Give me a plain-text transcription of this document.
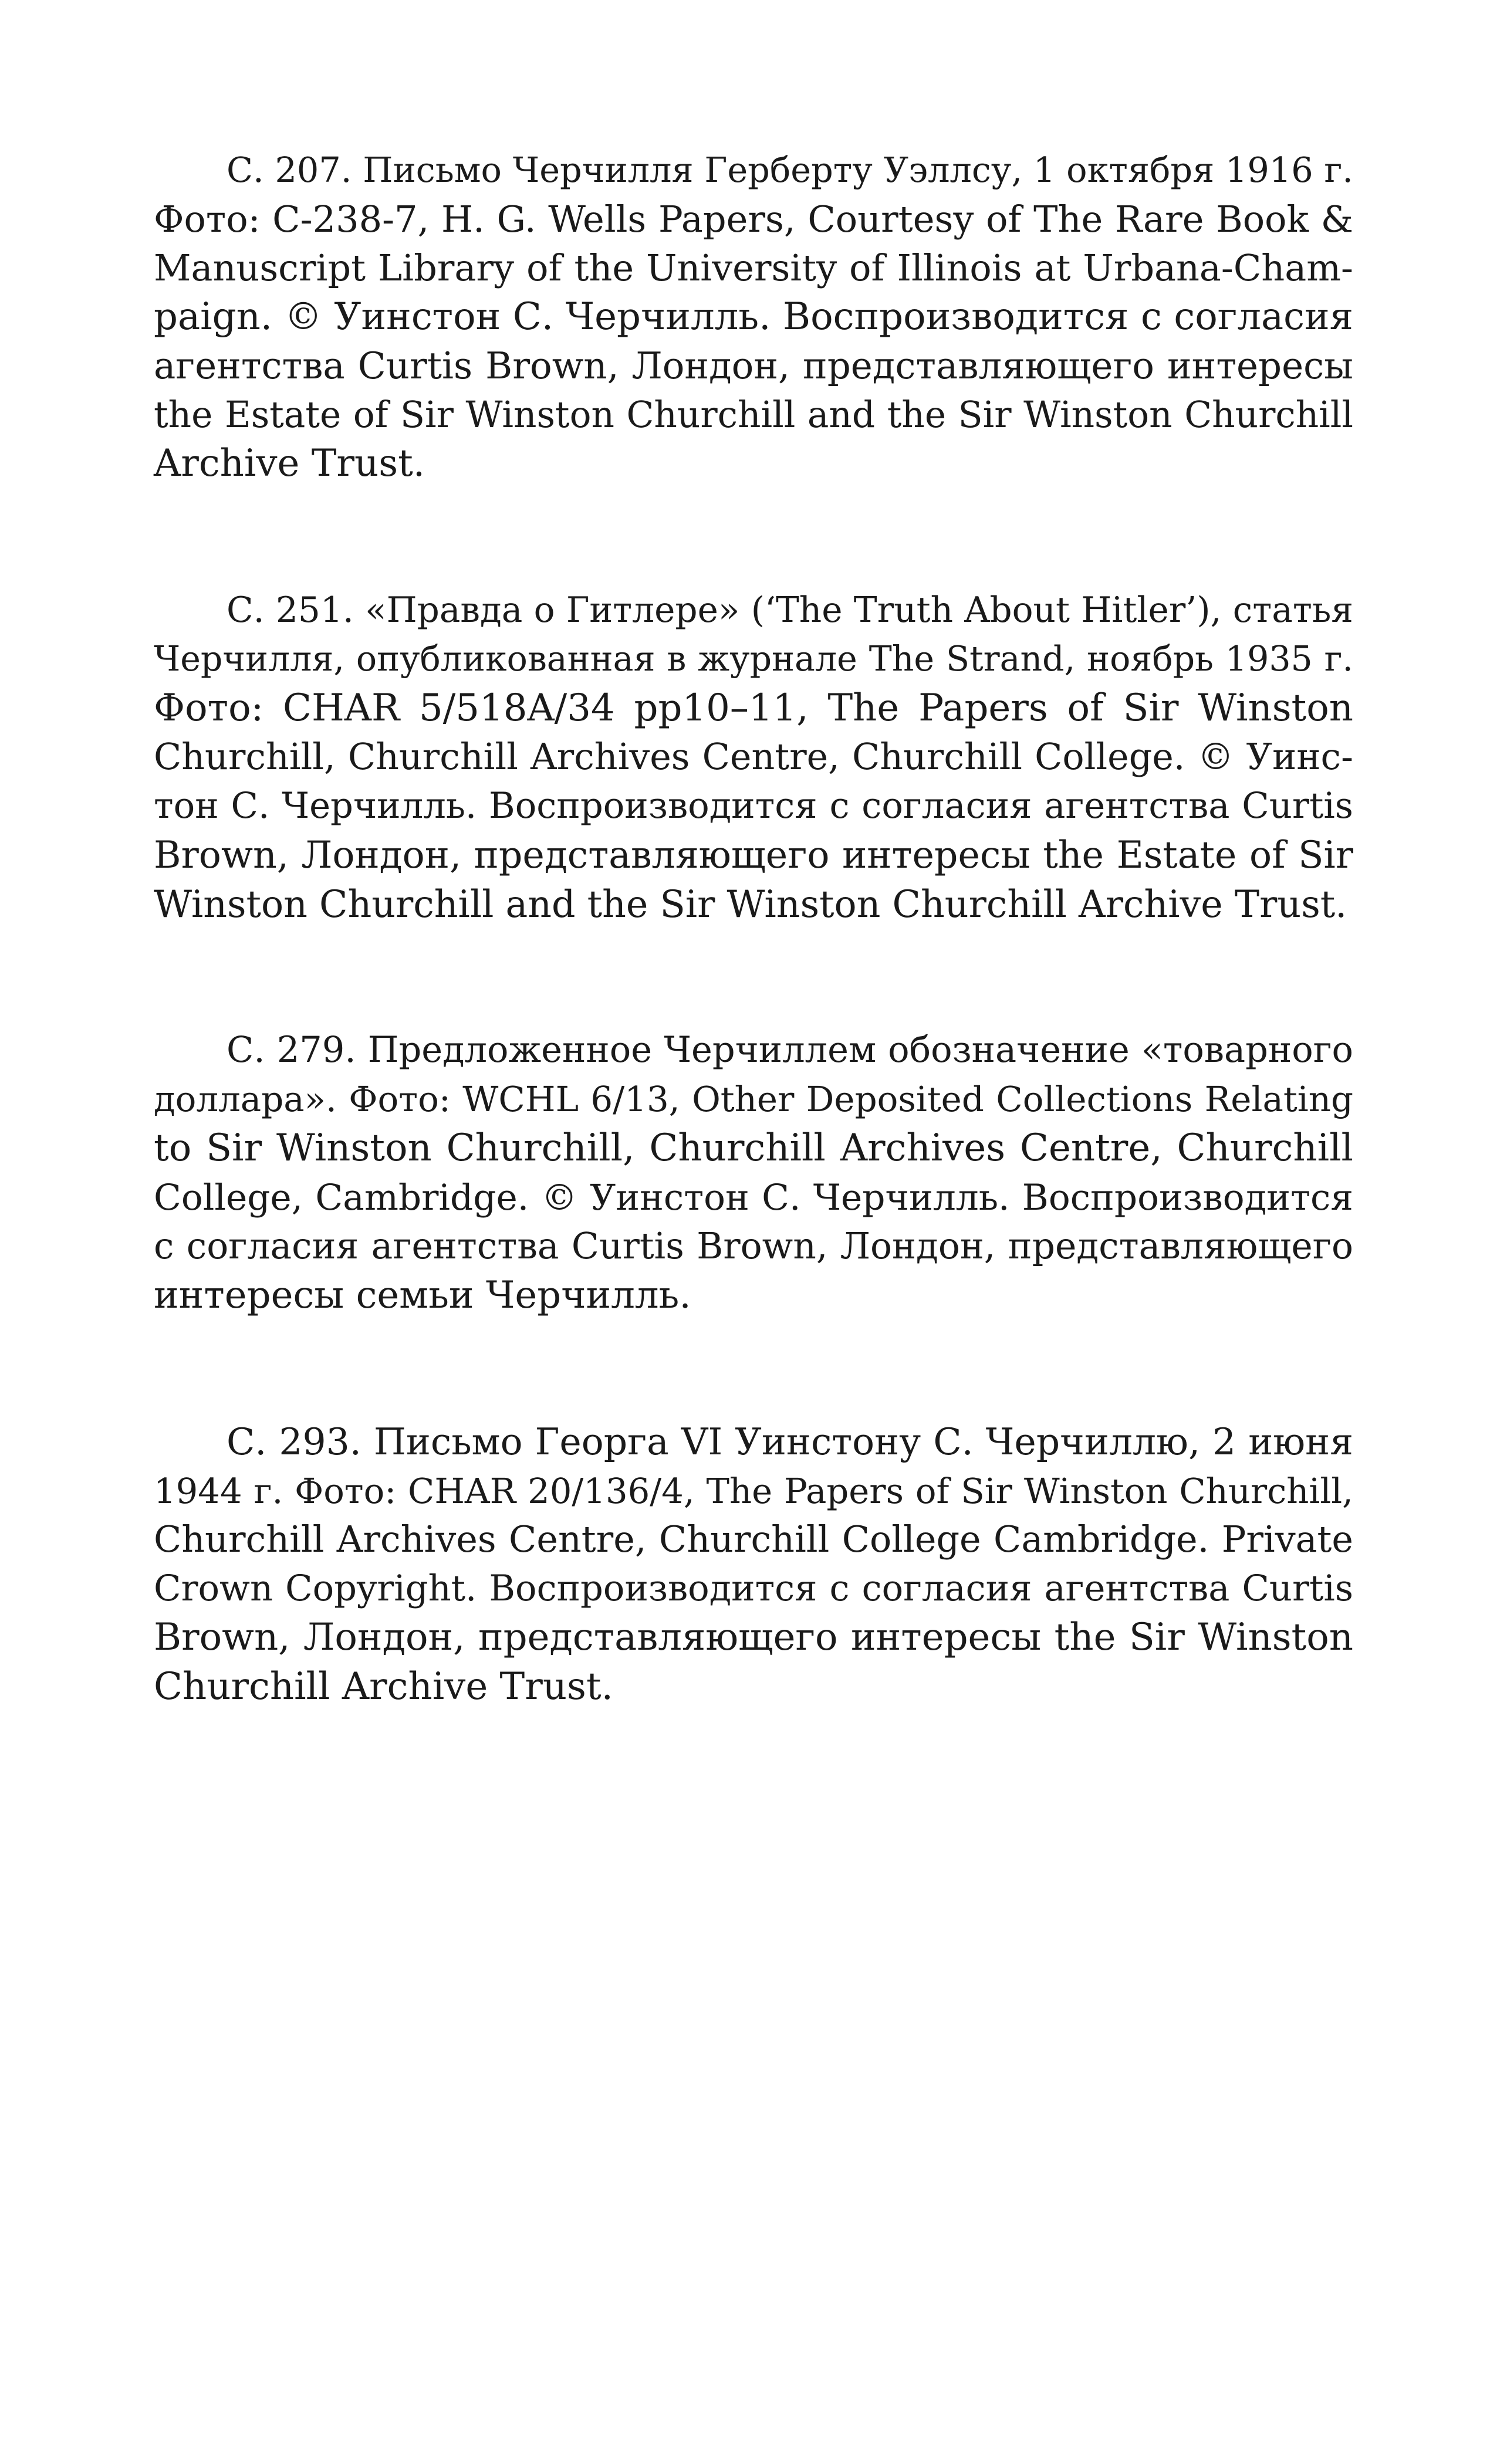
С. 207. Письмо Черчилля Герберту Уэллсу, 1 октября 1916 г.
Фото: С-238-7, H. G. Wells Papers, Courtesy of The Rare Book &
Manuscript Library of the University of Illinois at Urbana-Cham-
paign. © Уинстон С. Черчилль. Воспроизводится с согласия
агентства Curtis Brown, Лондон, представляющего интересы
the Estate of Sir Winston Churchill and the Sir Winston Churchill
Archive Trust.
С. 251. «Правда о Гитлере» (‘The Truth About Hitler’), статья
Черчилля, опубликованная в журнале The Strand, ноябрь 1935 г.
Фото: CHAR 5/518A/34 pp10–11, The Papers of Sir Winston
Churchill, Churchill Archives Centre, Churchill College. © Уинс-
тон С. Черчилль. Воспроизводится с согласия агентства Curtis
Brown, Лондон, представляющего интересы the Estate of Sir
Winston Churchill and the Sir Winston Churchill Archive Trust.
С. 279. Предложенное Черчиллем обозначение «товарного
доллара». Фото: WCHL 6/13, Other Deposited Collections Relating
to Sir Winston Churchill, Churchill Archives Centre, Churchill
College, Cambridge. © Уинстон С. Черчилль. Воспроизводится
с согласия агентства Curtis Brown, Лондон, представляющего
интересы семьи Черчилль.
С. 293. Письмо Георга VI Уинстону С. Черчиллю, 2 июня
1944 г. Фото: CHAR 20/136/4, The Papers of Sir Winston Churchill,
Churchill Archives Centre, Churchill College Cambridge. Private
Crown Copyright. Воспроизводится с согласия агентства Curtis
Brown, Лондон, представляющего интересы the Sir Winston
Churchill Archive Trust.
